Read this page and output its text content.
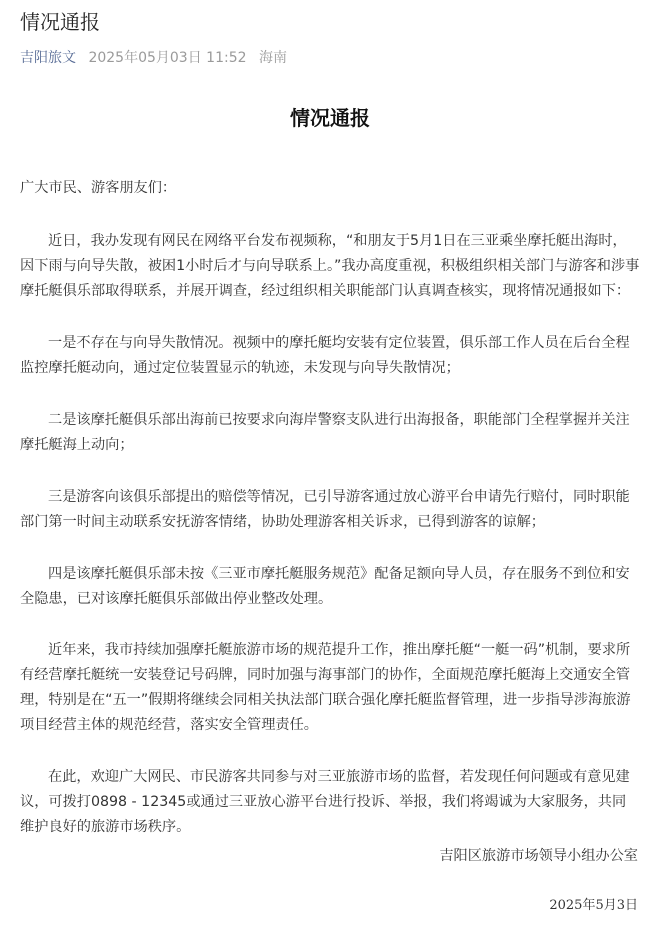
情况通报
吉阳旅文 2025年05月03日 11:52 海南
情况通报
广大市民、游客朋友们：
近日，我办发现有网民在网络平台发布视频称，“和朋友于5月1日在三亚乘坐摩托艇出海时，因下雨与向导失散，被困1小时后才与向导联系上。”我办高度重视，积极组织相关部门与游客和涉事摩托艇俱乐部取得联系，并展开调查，经过组织相关职能部门认真调查核实，现将情况通报如下：
一是不存在与向导失散情况。视频中的摩托艇均安装有定位装置，俱乐部工作人员在后台全程监控摩托艇动向，通过定位装置显示的轨迹，未发现与向导失散情况；
二是该摩托艇俱乐部出海前已按要求向海岸警察支队进行出海报备，职能部门全程掌握并关注摩托艇海上动向；
三是游客向该俱乐部提出的赔偿等情况，已引导游客通过放心游平台申请先行赔付，同时职能部门第一时间主动联系安抚游客情绪，协助处理游客相关诉求，已得到游客的谅解；
四是该摩托艇俱乐部未按《三亚市摩托艇服务规范》配备足额向导人员，存在服务不到位和安全隐患，已对该摩托艇俱乐部做出停业整改处理。
近年来，我市持续加强摩托艇旅游市场的规范提升工作，推出摩托艇“一艇一码”机制，要求所有经营摩托艇统一安装登记号码牌，同时加强与海事部门的协作，全面规范摩托艇海上交通安全管理，特别是在“五一”假期将继续会同相关执法部门联合强化摩托艇监督管理，进一步指导涉海旅游项目经营主体的规范经营，落实安全管理责任。
在此，欢迎广大网民、市民游客共同参与对三亚旅游市场的监督，若发现任何问题或有意见建议，可拨打0898 - 12345或通过三亚放心游平台进行投诉、举报，我们将竭诚为大家服务，共同维护良好的旅游市场秩序。
吉阳区旅游市场领导小组办公室
2025年5月3日
